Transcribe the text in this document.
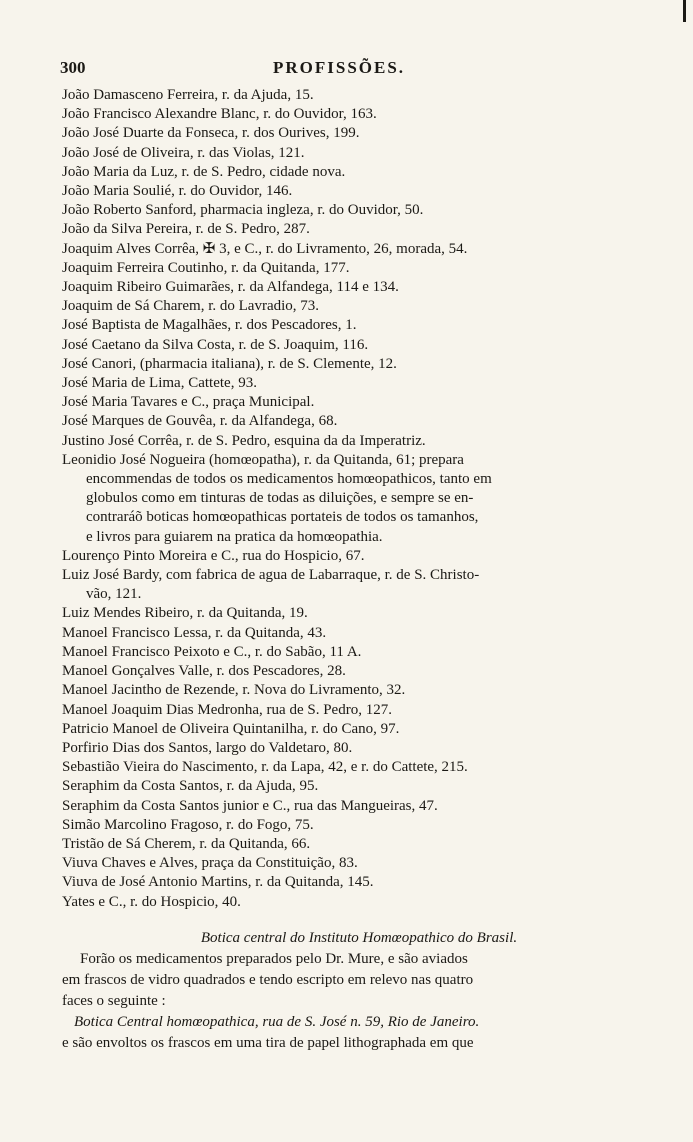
300	PROFISSÕES.
João Damasceno Ferreira, r. da Ajuda, 15.
João Francisco Alexandre Blanc, r. do Ouvidor, 163.
João José Duarte da Fonseca, r. dos Ourives, 199.
João José de Oliveira, r. das Violas, 121.
João Maria da Luz, r. de S. Pedro, cidade nova.
João Maria Soulié, r. do Ouvidor, 146.
João Roberto Sanford, pharmacia ingleza, r. do Ouvidor, 50.
João da Silva Pereira, r. de S. Pedro, 287.
Joaquim Alves Corrêa, ✠ 3, e C., r. do Livramento, 26, morada, 54.
Joaquim Ferreira Coutinho, r. da Quitanda, 177.
Joaquim Ribeiro Guimarães, r. da Alfandega, 114 e 134.
Joaquim de Sá Charem, r. do Lavradio, 73.
José Baptista de Magalhães, r. dos Pescadores, 1.
José Caetano da Silva Costa, r. de S. Joaquim, 116.
José Canori, (pharmacia italiana), r. de S. Clemente, 12.
José Maria de Lima, Cattete, 93.
José Maria Tavares e C., praça Municipal.
José Marques de Gouvêa, r. da Alfandega, 68.
Justino José Corrêa, r. de S. Pedro, esquina da da Imperatriz.
Leonidio José Nogueira (homœopatha), r. da Quitanda, 61; prepara
encommendas de todos os medicamentos homœopathicos, tanto em
globulos como em tinturas de todas as diluições, e sempre se en-
contraráõ boticas homœopathicas portateis de todos os tamanhos,
e livros para guiarem na pratica da homœopathia.
Lourenço Pinto Moreira e C., rua do Hospicio, 67.
Luiz José Bardy, com fabrica de agua de Labarraque, r. de S. Christo-
vão, 121.
Luiz Mendes Ribeiro, r. da Quitanda, 19.
Manoel Francisco Lessa, r. da Quitanda, 43.
Manoel Francisco Peixoto e C., r. do Sabão, 11 A.
Manoel Gonçalves Valle, r. dos Pescadores, 28.
Manoel Jacintho de Rezende, r. Nova do Livramento, 32.
Manoel Joaquim Dias Medronha, rua de S. Pedro, 127.
Patricio Manoel de Oliveira Quintanilha, r. do Cano, 97.
Porfirio Dias dos Santos, largo do Valdetaro, 80.
Sebastião Vieira do Nascimento, r. da Lapa, 42, e r. do Cattete, 215.
Seraphim da Costa Santos, r. da Ajuda, 95.
Seraphim da Costa Santos junior e C., rua das Mangueiras, 47.
Simão Marcolino Fragoso, r. do Fogo, 75.
Tristão de Sá Cherem, r. da Quitanda, 66.
Viuva Chaves e Alves, praça da Constituição, 83.
Viuva de José Antonio Martins, r. da Quitanda, 145.
Yates e C., r. do Hospicio, 40.
Botica central do Instituto Homœopathico do Brasil.
Forão os medicamentos preparados pelo Dr. Mure, e são aviados
em frascos de vidro quadrados e tendo escripto em relevo nas quatro
faces o seguinte :
Botica Central homœopathica, rua de S. José n. 59, Rio de Janeiro.
e são envoltos os frascos em uma tira de papel lithographada em que
